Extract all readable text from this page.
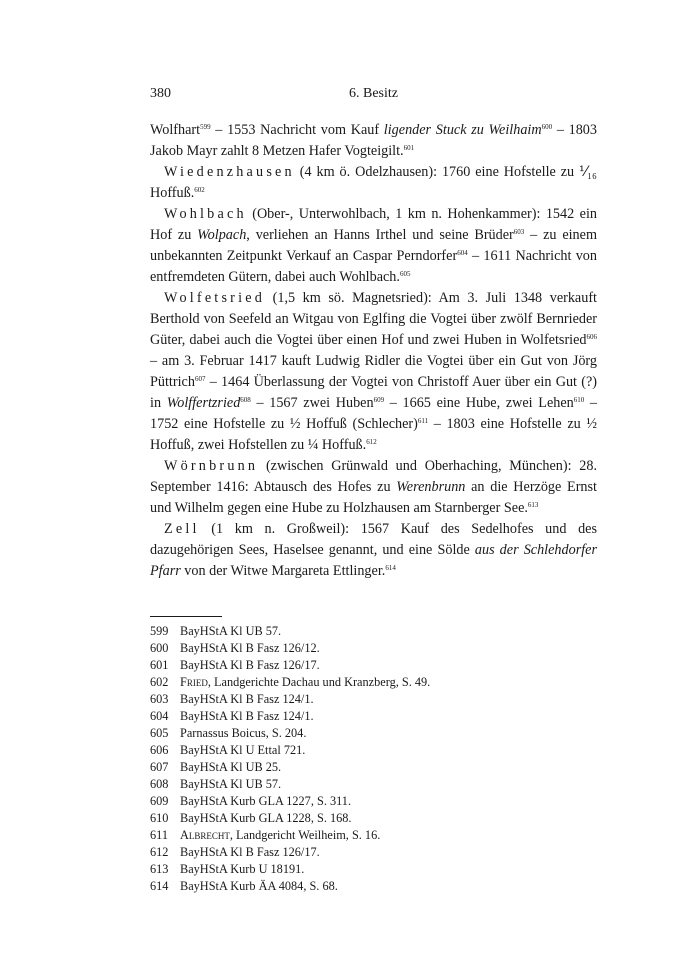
380	6. Besitz

Wolfhart$^{599}$ – 1553 Nachricht vom Kauf ligender Stuck zu Weilhaim$^{600}$ – 1803 Jakob Mayr zahlt 8 Metzen Hafer Vogteigilt.$^{601}$

Wiedenzhausen (4 km ö. Odelzhausen): 1760 eine Hofstelle zu ⅟₁₆ Hoffuß.$^{602}$

Wohlbach (Ober-, Unterwohlbach, 1 km n. Hohenkammer): 1542 ein Hof zu Wolpach, verliehen an Hanns Irthel und seine Brüder$^{603}$ – zu einem unbekannten Zeitpunkt Verkauf an Caspar Perndorfer$^{604}$ – 1611 Nachricht von entfremdeten Gütern, dabei auch Wohlbach.$^{605}$

Wolfetsried (1,5 km sö. Magnetsried): Am 3. Juli 1348 verkauft Berthold von Seefeld an Witgau von Eglfing die Vogtei über zwölf Bernrieder Güter, dabei auch die Vogtei über einen Hof und zwei Huben in Wolfetsried$^{606}$ – am 3. Februar 1417 kauft Ludwig Ridler die Vogtei über ein Gut von Jörg Püttrich$^{607}$ – 1464 Überlassung der Vogtei von Christoff Auer über ein Gut (?) in Wolffertzried$^{608}$ – 1567 zwei Huben$^{609}$ – 1665 eine Hube, zwei Lehen$^{610}$ – 1752 eine Hofstelle zu ½ Hoffuß (Schlecher)$^{611}$ – 1803 eine Hofstelle zu ½ Hoffuß, zwei Hofstellen zu ¼ Hoffuß.$^{612}$

Wörnbrunn (zwischen Grünwald und Oberhaching, München): 28. September 1416: Abtausch des Hofes zu Werenbrunn an die Herzöge Ernst und Wilhelm gegen eine Hube zu Holzhausen am Starnberger See.$^{613}$

Zell (1 km n. Großweil): 1567 Kauf des Sedelhofes und des dazugehörigen Sees, Haselsee genannt, und eine Sölde aus der Schlehdorfer Pfarr von der Witwe Margareta Ettlinger.$^{614}$

599 BayHStA Kl UB 57.
600 BayHStA Kl B Fasz 126/12.
601 BayHStA Kl B Fasz 126/17.
602 Fried, Landgerichte Dachau und Kranzberg, S. 49.
603 BayHStA Kl B Fasz 124/1.
604 BayHStA Kl B Fasz 124/1.
605 Parnassus Boicus, S. 204.
606 BayHStA Kl U Ettal 721.
607 BayHStA Kl UB 25.
608 BayHStA Kl UB 57.
609 BayHStA Kurb GLA 1227, S. 311.
610 BayHStA Kurb GLA 1228, S. 168.
611 Albrecht, Landgericht Weilheim, S. 16.
612 BayHStA Kl B Fasz 126/17.
613 BayHStA Kurb U 18191.
614 BayHStA Kurb ÄA 4084, S. 68.
